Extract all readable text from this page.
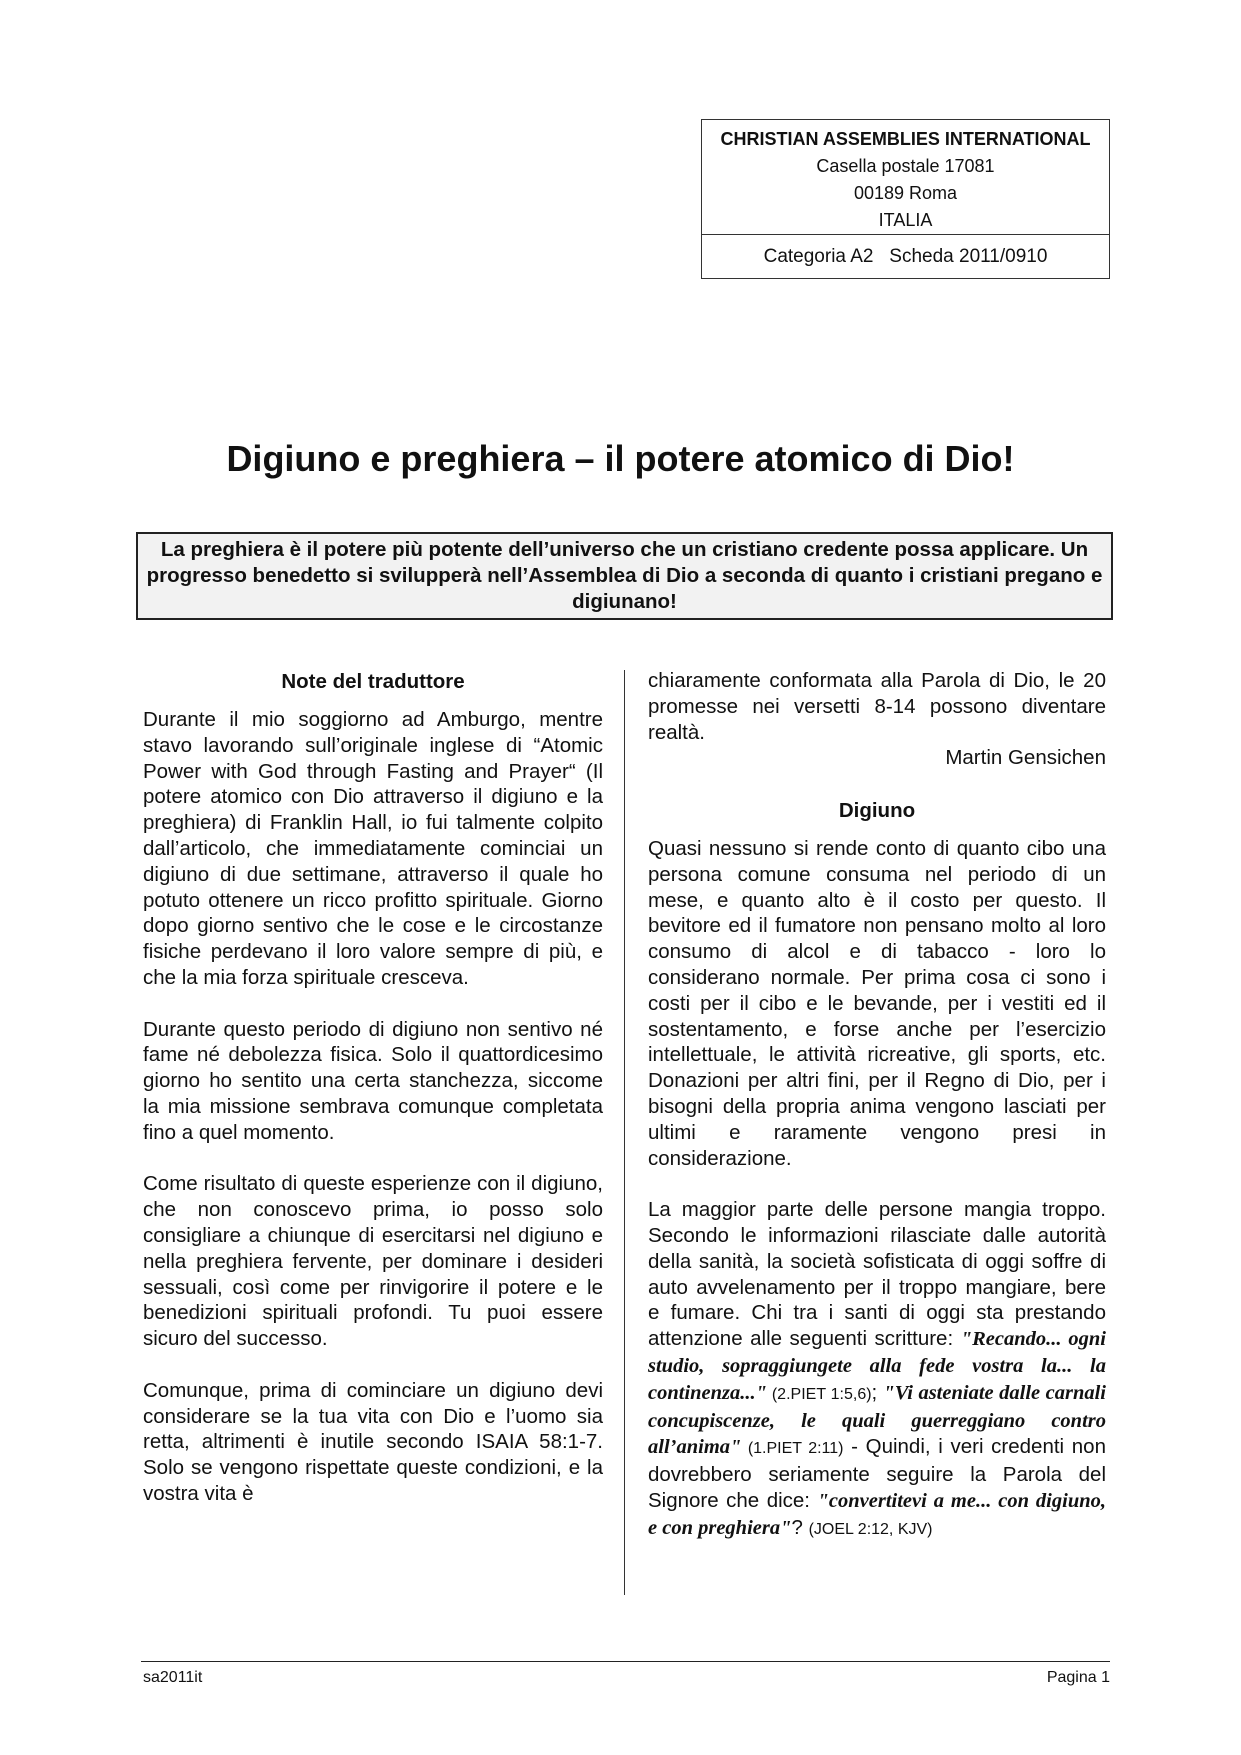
CHRISTIAN ASSEMBLIES INTERNATIONAL
Casella postale 17081
00189 Roma
ITALIA
Categoria A2   Scheda 2011/0910
Digiuno e preghiera – il potere atomico di Dio!
La preghiera è il potere più potente dell’universo che un cristiano credente possa applicare. Un progresso benedetto si svilupperà nell’Assemblea di Dio a seconda di quanto i cristiani pregano e digiunano!
Note del traduttore

Durante il mio soggiorno ad Amburgo, mentre stavo lavorando sull’originale inglese di “Atomic Power with God through Fasting and Prayer“ (Il potere atomico con Dio attraverso il digiuno e la preghiera) di Franklin Hall, io fui talmente colpito dall’articolo, che immediatamente cominciai un digiuno di due settimane, attraverso il quale ho potuto ottenere un ricco profitto spirituale. Giorno dopo giorno sentivo che le cose e le circostanze fisiche perdevano il loro valore sempre di più, e che la mia forza spirituale cresceva.

Durante questo periodo di digiuno non sentivo né fame né debolezza fisica. Solo il quattordicesimo giorno ho sentito una certa stanchezza, siccome la mia missione sembrava comunque completata fino a quel momento.

Come risultato di queste esperienze con il digiuno, che non conoscevo prima, io posso solo consigliare a chiunque di esercitarsi nel digiuno e nella preghiera fervente, per dominare i desideri sessuali, così come per rinvigorire il potere e le benedizioni spirituali profondi. Tu puoi essere sicuro del successo.

Comunque, prima di cominciare un digiuno devi considerare se la tua vita con Dio e l’uomo sia retta, altrimenti è inutile secondo ISAIA 58:1-7. Solo se vengono rispettate queste condizioni, e la vostra vita è

chiaramente conformata alla Parola di Dio, le 20 promesse nei versetti 8-14 possono diventare realtà.

Martin Gensichen
Digiuno

Quasi nessuno si rende conto di quanto cibo una persona comune consuma nel periodo di un mese, e quanto alto è il costo per questo. Il bevitore ed il fumatore non pensano molto al loro consumo di alcol e di tabacco - loro lo considerano normale. Per prima cosa ci sono i costi per il cibo e le bevande, per i vestiti ed il sostentamento, e forse anche per l’esercizio intellettuale, le attività ricreative, gli sports, etc. Donazioni per altri fini, per il Regno di Dio, per i bisogni della propria anima vengono lasciati per ultimi e raramente vengono presi in considerazione.

La maggior parte delle persone mangia troppo. Secondo le informazioni rilasciate dalle autorità della sanità, la società sofisticata di oggi soffre di auto avvelenamento per il troppo mangiare, bere e fumare. Chi tra i santi di oggi sta prestando attenzione alle seguenti scritture: "Recando... ogni studio, sopraggiungete alla fede vostra la... la continenza..." (2.PIET 1:5,6); "Vi asteniate dalle carnali concupiscenze, le quali guerreggiano contro all’anima" (1.PIET 2:11) - Quindi, i veri credenti non dovrebbero seriamente seguire la Parola del Signore che dice: "convertitevi a me... con digiuno, e con preghiera"? (JOEL 2:12, KJV)

sa2011it	Pagina 1
